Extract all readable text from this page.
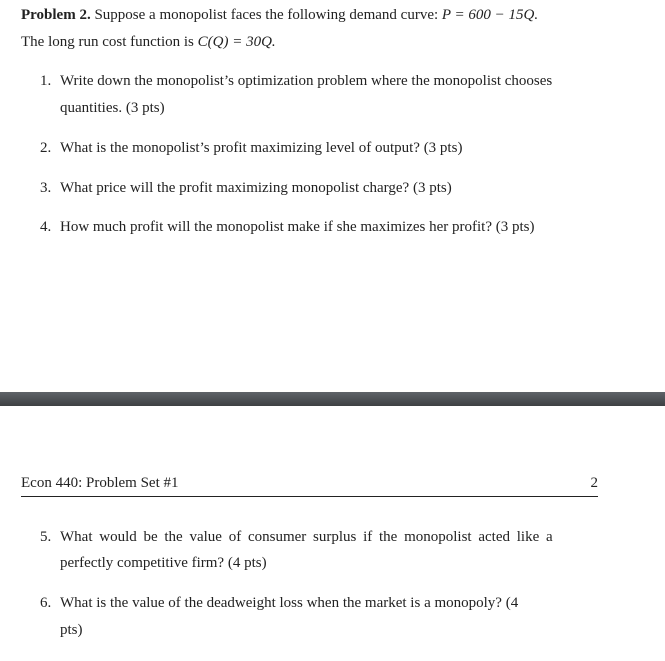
Problem 2. Suppose a monopolist faces the following demand curve: P = 600 − 15Q.
The long run cost function is C(Q) = 30Q.
1. Write down the monopolist’s optimization problem where the monopolist chooses
quantities. (3 pts)
2. What is the monopolist’s profit maximizing level of output? (3 pts)
3. What price will the profit maximizing monopolist charge? (3 pts)
4. How much profit will the monopolist make if she maximizes her profit? (3 pts)
Econ 440: Problem Set #1	2
5. What would be the value of consumer surplus if the monopolist acted like a
perfectly competitive firm? (4 pts)
6. What is the value of the deadweight loss when the market is a monopoly? (4
pts)
